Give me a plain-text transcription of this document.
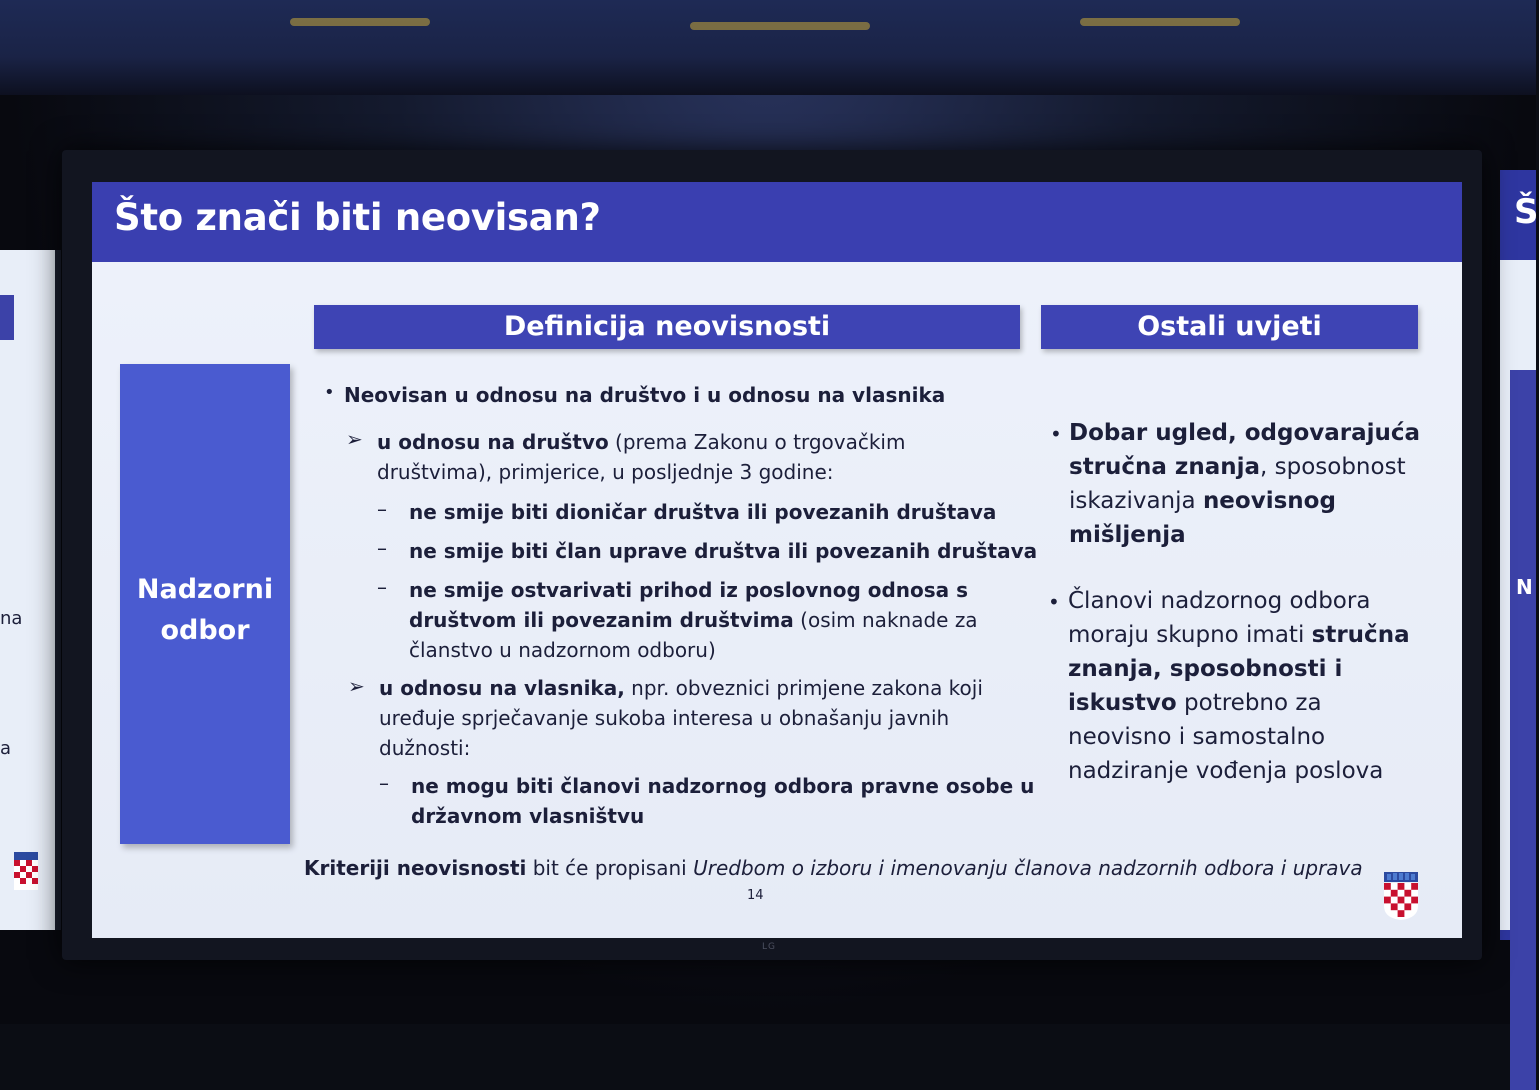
na
a
Š
N
Što znači biti neovisan?
Definicija neovisnosti	Ostali uvjeti
Nadzorni
odbor
• Neovisan u odnosu na društvo i u odnosu na vlasnika
➢ u odnosu na društvo (prema Zakonu o trgovačkim
društvima), primjerice, u posljednje 3 godine:
– ne smije biti dioničar društva ili povezanih društava
– ne smije biti član uprave društva ili povezanih društava
– ne smije ostvarivati prihod iz poslovnog odnosa s
društvom ili povezanim društvima (osim naknade za
članstvo u nadzornom odboru)
➢ u odnosu na vlasnika, npr. obveznici primjene zakona koji
uređuje sprječavanje sukoba interesa u obnašanju javnih
dužnosti:
– ne mogu biti članovi nadzornog odbora pravne osobe u
državnom vlasništvu
• Dobar ugled, odgovarajuća
stručna znanja, sposobnost
iskazivanja neovisnog
mišljenja
• Članovi nadzornog odbora
moraju skupno imati stručna
znanja, sposobnosti i
iskustvo potrebno za
neovisno i samostalno
nadziranje vođenja poslova
Kriteriji neovisnosti bit će propisani Uredbom o izboru i imenovanju članova nadzornih odbora i uprava
14
LG
